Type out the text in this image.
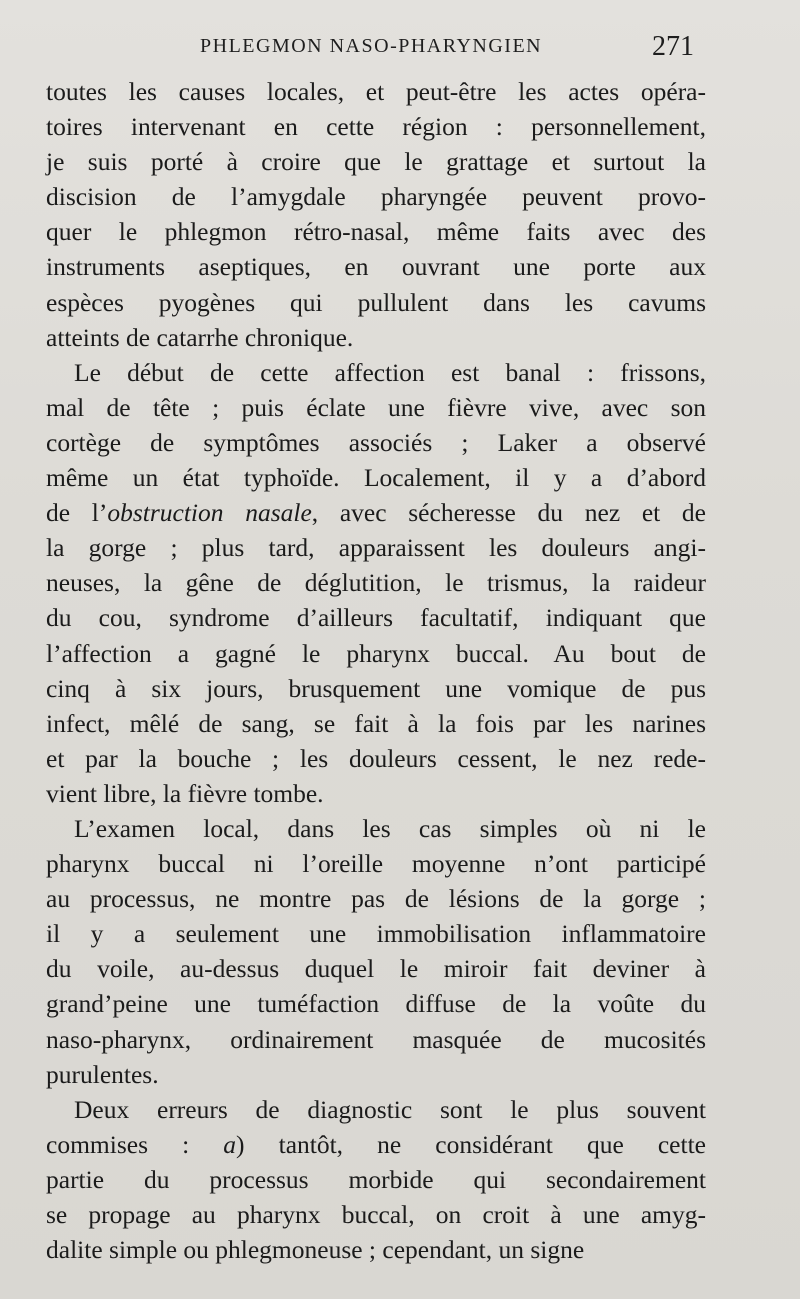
PHLEGMON NASO-PHARYNGIEN	271
toutes les causes locales, et peut-être les actes opéra-
toires intervenant en cette région : personnellement,
je suis porté à croire que le grattage et surtout la
discision de l’amygdale pharyngée peuvent provo-
quer le phlegmon rétro-nasal, même faits avec des
instruments aseptiques, en ouvrant une porte aux
espèces pyogènes qui pullulent dans les cavums
atteints de catarrhe chronique.
Le début de cette affection est banal : frissons,
mal de tête ; puis éclate une fièvre vive, avec son
cortège de symptômes associés ; Laker a observé
même un état typhoïde. Localement, il y a d’abord
de l’obstruction nasale, avec sécheresse du nez et de
la gorge ; plus tard, apparaissent les douleurs angi-
neuses, la gêne de déglutition, le trismus, la raideur
du cou, syndrome d’ailleurs facultatif, indiquant que
l’affection a gagné le pharynx buccal. Au bout de
cinq à six jours, brusquement une vomique de pus
infect, mêlé de sang, se fait à la fois par les narines
et par la bouche ; les douleurs cessent, le nez rede-
vient libre, la fièvre tombe.
L’examen local, dans les cas simples où ni le
pharynx buccal ni l’oreille moyenne n’ont participé
au processus, ne montre pas de lésions de la gorge ;
il y a seulement une immobilisation inflammatoire
du voile, au-dessus duquel le miroir fait deviner à
grand’peine une tuméfaction diffuse de la voûte du
naso-pharynx, ordinairement masquée de mucosités
purulentes.
Deux erreurs de diagnostic sont le plus souvent
commises : a) tantôt, ne considérant que cette
partie du processus morbide qui secondairement
se propage au pharynx buccal, on croit à une amyg-
dalite simple ou phlegmoneuse ; cependant, un signe
